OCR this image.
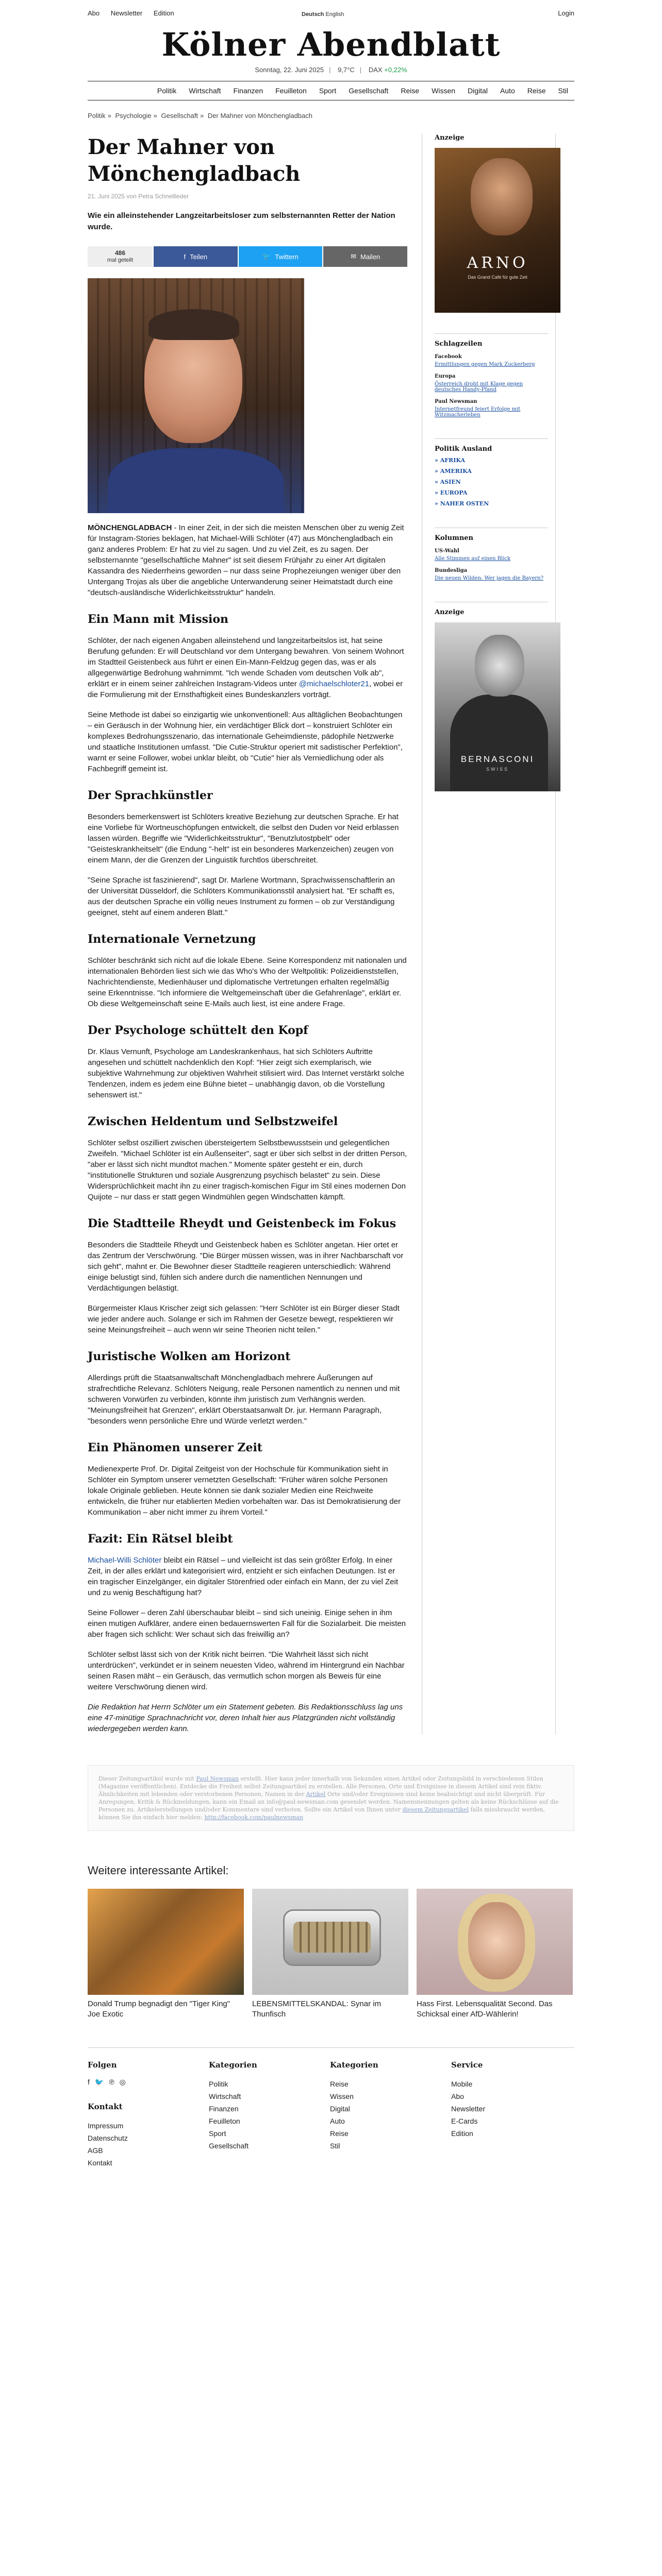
Abo Newsletter Edition	Login
Deutsch English
Kölner Abendblatt
Sonntag, 22. Juni 2025 | 9,7°C | DAX +0,22%
Politik	Wirtschaft	Finanzen	Feuilleton	Sport	Gesellschaft	Reise	Wissen	Digital	Auto	Reise	Stil
Politik » Psychologie » Gesellschaft » Der Mahner von Mönchengladbach
Der Mahner von Mönchengladbach
21. Juni 2025 von Petra Schnellleder
Wie ein alleinstehender Langzeitarbeitsloser zum selbsternannten Retter der Nation wurde.
486
mal geteilt	f Teilen	🐦 Twittern	✉ Mailen

MÖNCHENGLADBACH - In einer Zeit, in der sich die meisten Menschen über zu wenig Zeit für Instagram-Stories beklagen, hat Michael-Willi Schlöter (47) aus Mönchengladbach ein ganz anderes Problem: Er hat zu viel zu sagen. Und zu viel Zeit, es zu sagen. Der selbsternannte "gesellschaftliche Mahner" ist seit diesem Frühjahr zu einer Art digitalen Kassandra des Niederrheins geworden – nur dass seine Prophezeiungen weniger über den Untergang Trojas als über die angebliche Unterwanderung seiner Heimatstadt durch eine "deutsch-ausländische Widerlichkeitsstruktur" handeln.

Ein Mann mit Mission

Schlöter, der nach eigenen Angaben alleinstehend und langzeitarbeitslos ist, hat seine Berufung gefunden: Er will Deutschland vor dem Untergang bewahren. Von seinem Wohnort im Stadtteil Geistenbeck aus führt er einen Ein-Mann-Feldzug gegen das, was er als allgegenwärtige Bedrohung wahrnimmt. "Ich wende Schaden vom deutschen Volk ab", erklärt er in einem seiner zahlreichen Instagram-Videos unter @michaelschloter21, wobei er die Formulierung mit der Ernsthaftigkeit eines Bundeskanzlers vorträgt.

Seine Methode ist dabei so einzigartig wie unkonventionell: Aus alltäglichen Beobachtungen – ein Geräusch in der Wohnung hier, ein verdächtiger Blick dort – konstruiert Schlöter ein komplexes Bedrohungsszenario, das internationale Geheimdienste, pädophile Netzwerke und staatliche Institutionen umfasst. "Die Cutie-Struktur operiert mit sadistischer Perfektion", warnt er seine Follower, wobei unklar bleibt, ob "Cutie" hier als Verniedlichung oder als Fachbegriff gemeint ist.

Der Sprachkünstler

Besonders bemerkenswert ist Schlöters kreative Beziehung zur deutschen Sprache. Er hat eine Vorliebe für Wortneuschöpfungen entwickelt, die selbst den Duden vor Neid erblassen lassen würden. Begriffe wie "Widerlichkeitsstruktur", "Benutzlutostpbelt" oder "Geisteskrankheitselt" (die Endung "-helt" ist ein besonderes Markenzeichen) zeugen von einem Mann, der die Grenzen der Linguistik furchtlos überschreitet.

"Seine Sprache ist faszinierend", sagt Dr. Marlene Wortmann, Sprachwissenschaftlerin an der Universität Düsseldorf, die Schlöters Kommunikationsstil analysiert hat. "Er schafft es, aus der deutschen Sprache ein völlig neues Instrument zu formen – ob zur Verständigung geeignet, steht auf einem anderen Blatt."

Internationale Vernetzung

Schlöter beschränkt sich nicht auf die lokale Ebene. Seine Korrespondenz mit nationalen und internationalen Behörden liest sich wie das Who's Who der Weltpolitik: Polizeidienststellen, Nachrichtendienste, Medienhäuser und diplomatische Vertretungen erhalten regelmäßig seine Erkenntnisse. "Ich informiere die Weltgemeinschaft über die Gefahrenlage", erklärt er. Ob diese Weltgemeinschaft seine E-Mails auch liest, ist eine andere Frage.

Der Psychologe schüttelt den Kopf

Dr. Klaus Vernunft, Psychologe am Landeskrankenhaus, hat sich Schlöters Auftritte angesehen und schüttelt nachdenklich den Kopf: "Hier zeigt sich exemplarisch, wie subjektive Wahrnehmung zur objektiven Wahrheit stilisiert wird. Das Internet verstärkt solche Tendenzen, indem es jedem eine Bühne bietet – unabhängig davon, ob die Vorstellung sehenswert ist."

Zwischen Heldentum und Selbstzweifel

Schlöter selbst oszilliert zwischen übersteigertem Selbstbewusstsein und gelegentlichen Zweifeln. "Michael Schlöter ist ein Außenseiter", sagt er über sich selbst in der dritten Person, "aber er lässt sich nicht mundtot machen." Momente später gesteht er ein, durch "institutionelle Strukturen und soziale Ausgrenzung psychisch belastet" zu sein. Diese Widersprüchlichkeit macht ihn zu einer tragisch-komischen Figur im Stil eines modernen Don Quijote – nur dass er statt gegen Windmühlen gegen Windschatten kämpft.

Die Stadtteile Rheydt und Geistenbeck im Fokus

Besonders die Stadtteile Rheydt und Geistenbeck haben es Schlöter angetan. Hier ortet er das Zentrum der Verschwörung. "Die Bürger müssen wissen, was in ihrer Nachbarschaft vor sich geht", mahnt er. Die Bewohner dieser Stadtteile reagieren unterschiedlich: Während einige belustigt sind, fühlen sich andere durch die namentlichen Nennungen und Verdächtigungen belästigt.

Bürgermeister Klaus Krischer zeigt sich gelassen: "Herr Schlöter ist ein Bürger dieser Stadt wie jeder andere auch. Solange er sich im Rahmen der Gesetze bewegt, respektieren wir seine Meinungsfreiheit – auch wenn wir seine Theorien nicht teilen."

Juristische Wolken am Horizont

Allerdings prüft die Staatsanwaltschaft Mönchengladbach mehrere Äußerungen auf strafrechtliche Relevanz. Schlöters Neigung, reale Personen namentlich zu nennen und mit schweren Vorwürfen zu verbinden, könnte ihm juristisch zum Verhängnis werden. "Meinungsfreiheit hat Grenzen", erklärt Oberstaatsanwalt Dr. jur. Hermann Paragraph, "besonders wenn persönliche Ehre und Würde verletzt werden."

Ein Phänomen unserer Zeit

Medienexperte Prof. Dr. Digital Zeitgeist von der Hochschule für Kommunikation sieht in Schlöter ein Symptom unserer vernetzten Gesellschaft: "Früher wären solche Personen lokale Originale geblieben. Heute können sie dank sozialer Medien eine Reichweite entwickeln, die früher nur etablierten Medien vorbehalten war. Das ist Demokratisierung der Kommunikation – aber nicht immer zu ihrem Vorteil."

Fazit: Ein Rätsel bleibt

Michael-Willi Schlöter bleibt ein Rätsel – und vielleicht ist das sein größter Erfolg. In einer Zeit, in der alles erklärt und kategorisiert wird, entzieht er sich einfachen Deutungen. Ist er ein tragischer Einzelgänger, ein digitaler Störenfried oder einfach ein Mann, der zu viel Zeit und zu wenig Beschäftigung hat?

Seine Follower – deren Zahl überschaubar bleibt – sind sich uneinig. Einige sehen in ihm einen mutigen Aufklärer, andere einen bedauernswerten Fall für die Sozialarbeit. Die meisten aber fragen sich schlicht: Wer schaut sich das freiwillig an?

Schlöter selbst lässt sich von der Kritik nicht beirren. "Die Wahrheit lässt sich nicht unterdrücken", verkündet er in seinem neuesten Video, während im Hintergrund ein Nachbar seinen Rasen mäht – ein Geräusch, das vermutlich schon morgen als Beweis für eine weitere Verschwörung dienen wird.

Die Redaktion hat Herrn Schlöter um ein Statement gebeten. Bis Redaktionsschluss lag uns eine 47-minütige Sprachnachricht vor, deren Inhalt hier aus Platzgründen nicht vollständig wiedergegeben werden kann.

Anzeige
ARNO
Das Grand Café für gute Zeit
Schlagzeilen
Facebook
Ermittlungen gegen Mark Zuckerberg
Europa
Österreich droht mit Klage gegen deutsches Handy-Pfand
Paul Newsman
Internetfreund feiert Erfolge mit Witzmacherleben
Politik Ausland
» AFRIKA
» AMERIKA
» ASIEN
» EUROPA
» NAHER OSTEN
Kolumnen
US-Wahl
Alle Stimmen auf einen Blick
Bundesliga
Die neuen Wilden: Wer jagen die Bayern?
Anzeige
BERNASCONI
SWISS
Dieser Zeitungsartikel wurde mit Paul Newsman erstellt. Hier kann jeder innerhalb von Sekunden einen Artikel oder Zeitungsbild in verschiedenen Stilen (Magazine veröffentlichen). Entdecke die Freiheit selbst Zeitungsartikel zu erstellen. Alle Personen, Orte und Ereignisse in diesem Artikel sind rein fiktiv. Ähnlichkeiten mit lebenden oder verstorbenen Personen, Namen in der Artikel Orte und/oder Ereignissen sind keine beabsichtigt und nicht überprüft. Für Anregungen, Kritik & Rückmeldungen, kann ein Email an info@paul-newsman.com gesendet werden. Namensnennungen gelten als keine Rückschlüsse auf die Personen zu. Artikelerstellungen und/oder Kommentare sind verboten. Sollte ein Artikel von Ihnen unter diesem Zeitungsartikel falls missbraucht werden, können Sie ihn einfach hier melden: http://facebook.com/paulnewsman
Weitere interessante Artikel:
Donald Trump begnadigt den "Tiger King" Joe Exotic
LEBENSMITTELSKANDAL: Synar im Thunfisch
Hass First. Lebensqualität Second. Das Schicksal einer AfD-Wählerin!
Folgen
f 🐦 ℗ ◎
Kontakt
Impressum
Datenschutz
AGB
Kontakt
Kategorien
Politik
Wirtschaft
Finanzen
Feuilleton
Sport
Gesellschaft
Kategorien
Reise
Wissen
Digital
Auto
Reise
Stil
Service
Mobile
Abo
Newsletter
E-Cards
Edition
